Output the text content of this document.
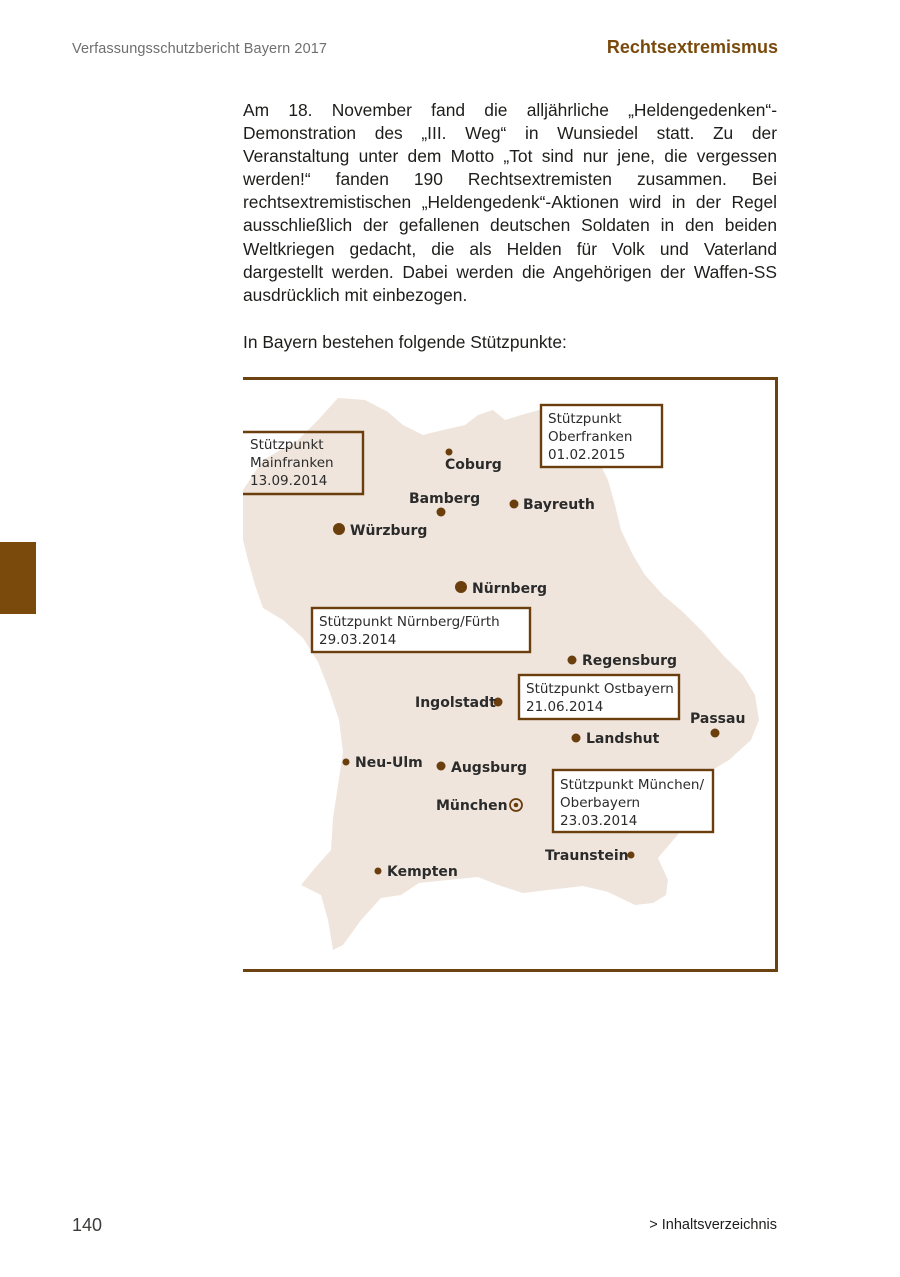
Verfassungsschutzbericht Bayern 2017	Rechtsextremismus

Am 18. November fand die alljährliche „Heldengedenken“-Demonstration des „III. Weg“ in Wunsiedel statt. Zu der Veranstaltung unter dem Motto „Tot sind nur jene, die vergessen werden!“ fanden 190 Rechtsextremisten zusammen. Bei rechtsextremistischen „Heldengedenk“-Aktionen wird in der Regel ausschließlich der gefallenen deutschen Soldaten in den beiden Weltkriegen gedacht, die als Helden für Volk und Vaterland dargestellt werden. Dabei werden die Angehörigen der Waffen-SS ausdrücklich mit einbezogen.

In Bayern bestehen folgende Stützpunkte:
Coburg
Bamberg	Bayreuth
Würzburg
Nürnberg
Regensburg
Ingolstadt
Passau
Landshut
Neu-Ulm Augsburg
München
Traunstein
Kempten
Stützpunkt
Mainfranken
13.09.2014
Stützpunkt
Oberfranken
01.02.2015
Stützpunkt Nürnberg/Fürth
29.03.2014
Stützpunkt Ostbayern
21.06.2014
Stützpunkt München/
Oberbayern
23.03.2014
140	> Inhaltsverzeichnis
